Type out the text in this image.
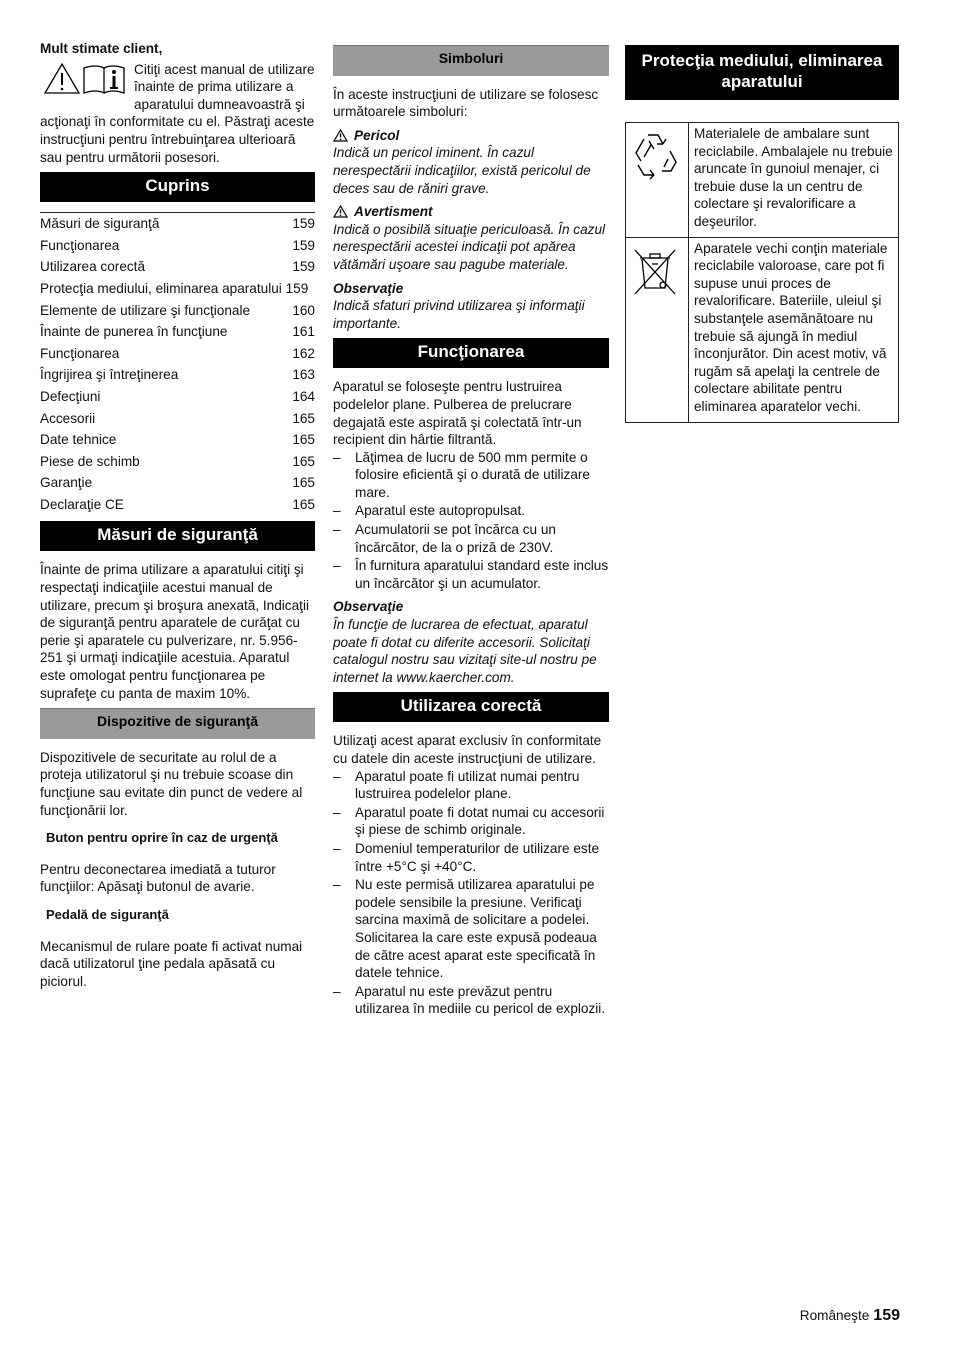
Mult stimate client,
Citiţi acest manual de utilizare înainte de prima utilizare a aparatului dumneavoastră şi acţionaţi în conformitate cu el. Păstraţi aceste instrucţiuni pentru întrebuinţarea ulterioară sau pentru următorii posesori.
Cuprins
Măsuri de siguranţă	159
Funcţionarea	159
Utilizarea corectă	159
Protecţia mediului, eliminarea aparatului 159
Elemente de utilizare şi funcţionale	160
Înainte de punerea în funcţiune	161
Funcţionarea	162
Îngrijirea şi întreţinerea	163
Defecţiuni	164
Accesorii	165
Date tehnice	165
Piese de schimb	165
Garanţie	165
Declaraţie CE	165
Măsuri de siguranţă
Înainte de prima utilizare a aparatului citiţi şi respectaţi indicaţiile acestui manual de utilizare, precum şi broşura anexată, Indicaţii de siguranţă pentru aparatele de curăţat cu perie şi aparatele cu pulverizare, nr. 5.956-251 şi urmaţi indicaţiile acestuia. Aparatul este omologat pentru funcţionarea pe suprafeţe cu panta de maxim 10%.
Dispozitive de siguranţă
Dispozitivele de securitate au rolul de a proteja utilizatorul şi nu trebuie scoase din funcţiune sau evitate din punct de vedere al funcţionării lor.
Buton pentru oprire în caz de urgenţă
Pentru deconectarea imediată a tuturor funcţiilor: Apăsaţi butonul de avarie.
Pedală de siguranţă
Mecanismul de rulare poate fi activat numai dacă utilizatorul ţine pedala apăsată cu piciorul.
Simboluri
În aceste instrucţiuni de utilizare se folosesc următoarele simboluri:
Pericol
Indică un pericol iminent. În cazul nerespectării indicaţiilor, există pericolul de deces sau de răniri grave.
Avertisment
Indică o posibilă situaţie periculoasă. În cazul nerespectării acestei indicaţii pot apărea vătămări uşoare sau pagube materiale.
Observaţie
Indică sfaturi privind utilizarea şi informaţii importante.
Funcţionarea
Aparatul se foloseşte pentru lustruirea podelelor plane. Pulberea de prelucrare degajată este aspirată şi colectată într-un recipient din hârtie filtrantă.
– Lăţimea de lucru de 500 mm permite o folosire eficientă şi o durată de utilizare mare.
– Aparatul este autopropulsat.
– Acumulatorii se pot încărca cu un încărcător, de la o priză de 230V.
– În furnitura aparatului standard este inclus un încărcător şi un acumulator.
Observaţie
În funcţie de lucrarea de efectuat, aparatul poate fi dotat cu diferite accesorii. Solicitaţi catalogul nostru sau vizitaţi site-ul nostru pe internet la www.kaercher.com.
Utilizarea corectă
Utilizaţi acest aparat exclusiv în conformitate cu datele din aceste instrucţiuni de utilizare.
– Aparatul poate fi utilizat numai pentru lustruirea podelelor plane.
– Aparatul poate fi dotat numai cu accesorii şi piese de schimb originale.
– Domeniul temperaturilor de utilizare este între +5°C şi +40°C.
– Nu este permisă utilizarea aparatului pe podele sensibile la presiune. Verificaţi sarcina maximă de solicitare a podelei. Solicitarea la care este expusă podeaua de către acest aparat este specificată în datele tehnice.
– Aparatul nu este prevăzut pentru utilizarea în mediile cu pericol de explozii.
Protecţia mediului, eliminarea aparatului
	Materialele de ambalare sunt reciclabile. Ambalajele nu trebuie aruncate în gunoiul menajer, ci trebuie duse la un centru de colectare şi revalorificare a deşeurilor.
	Aparatele vechi conţin materiale reciclabile valoroase, care pot fi supuse unui proces de revalorificare. Bateriile, uleiul şi substanţele asemănătoare nu trebuie să ajungă în mediul înconjurător. Din acest motiv, vă rugăm să apelaţi la centrele de colectare abilitate pentru eliminarea aparatelor vechi.
Româneşte 159
